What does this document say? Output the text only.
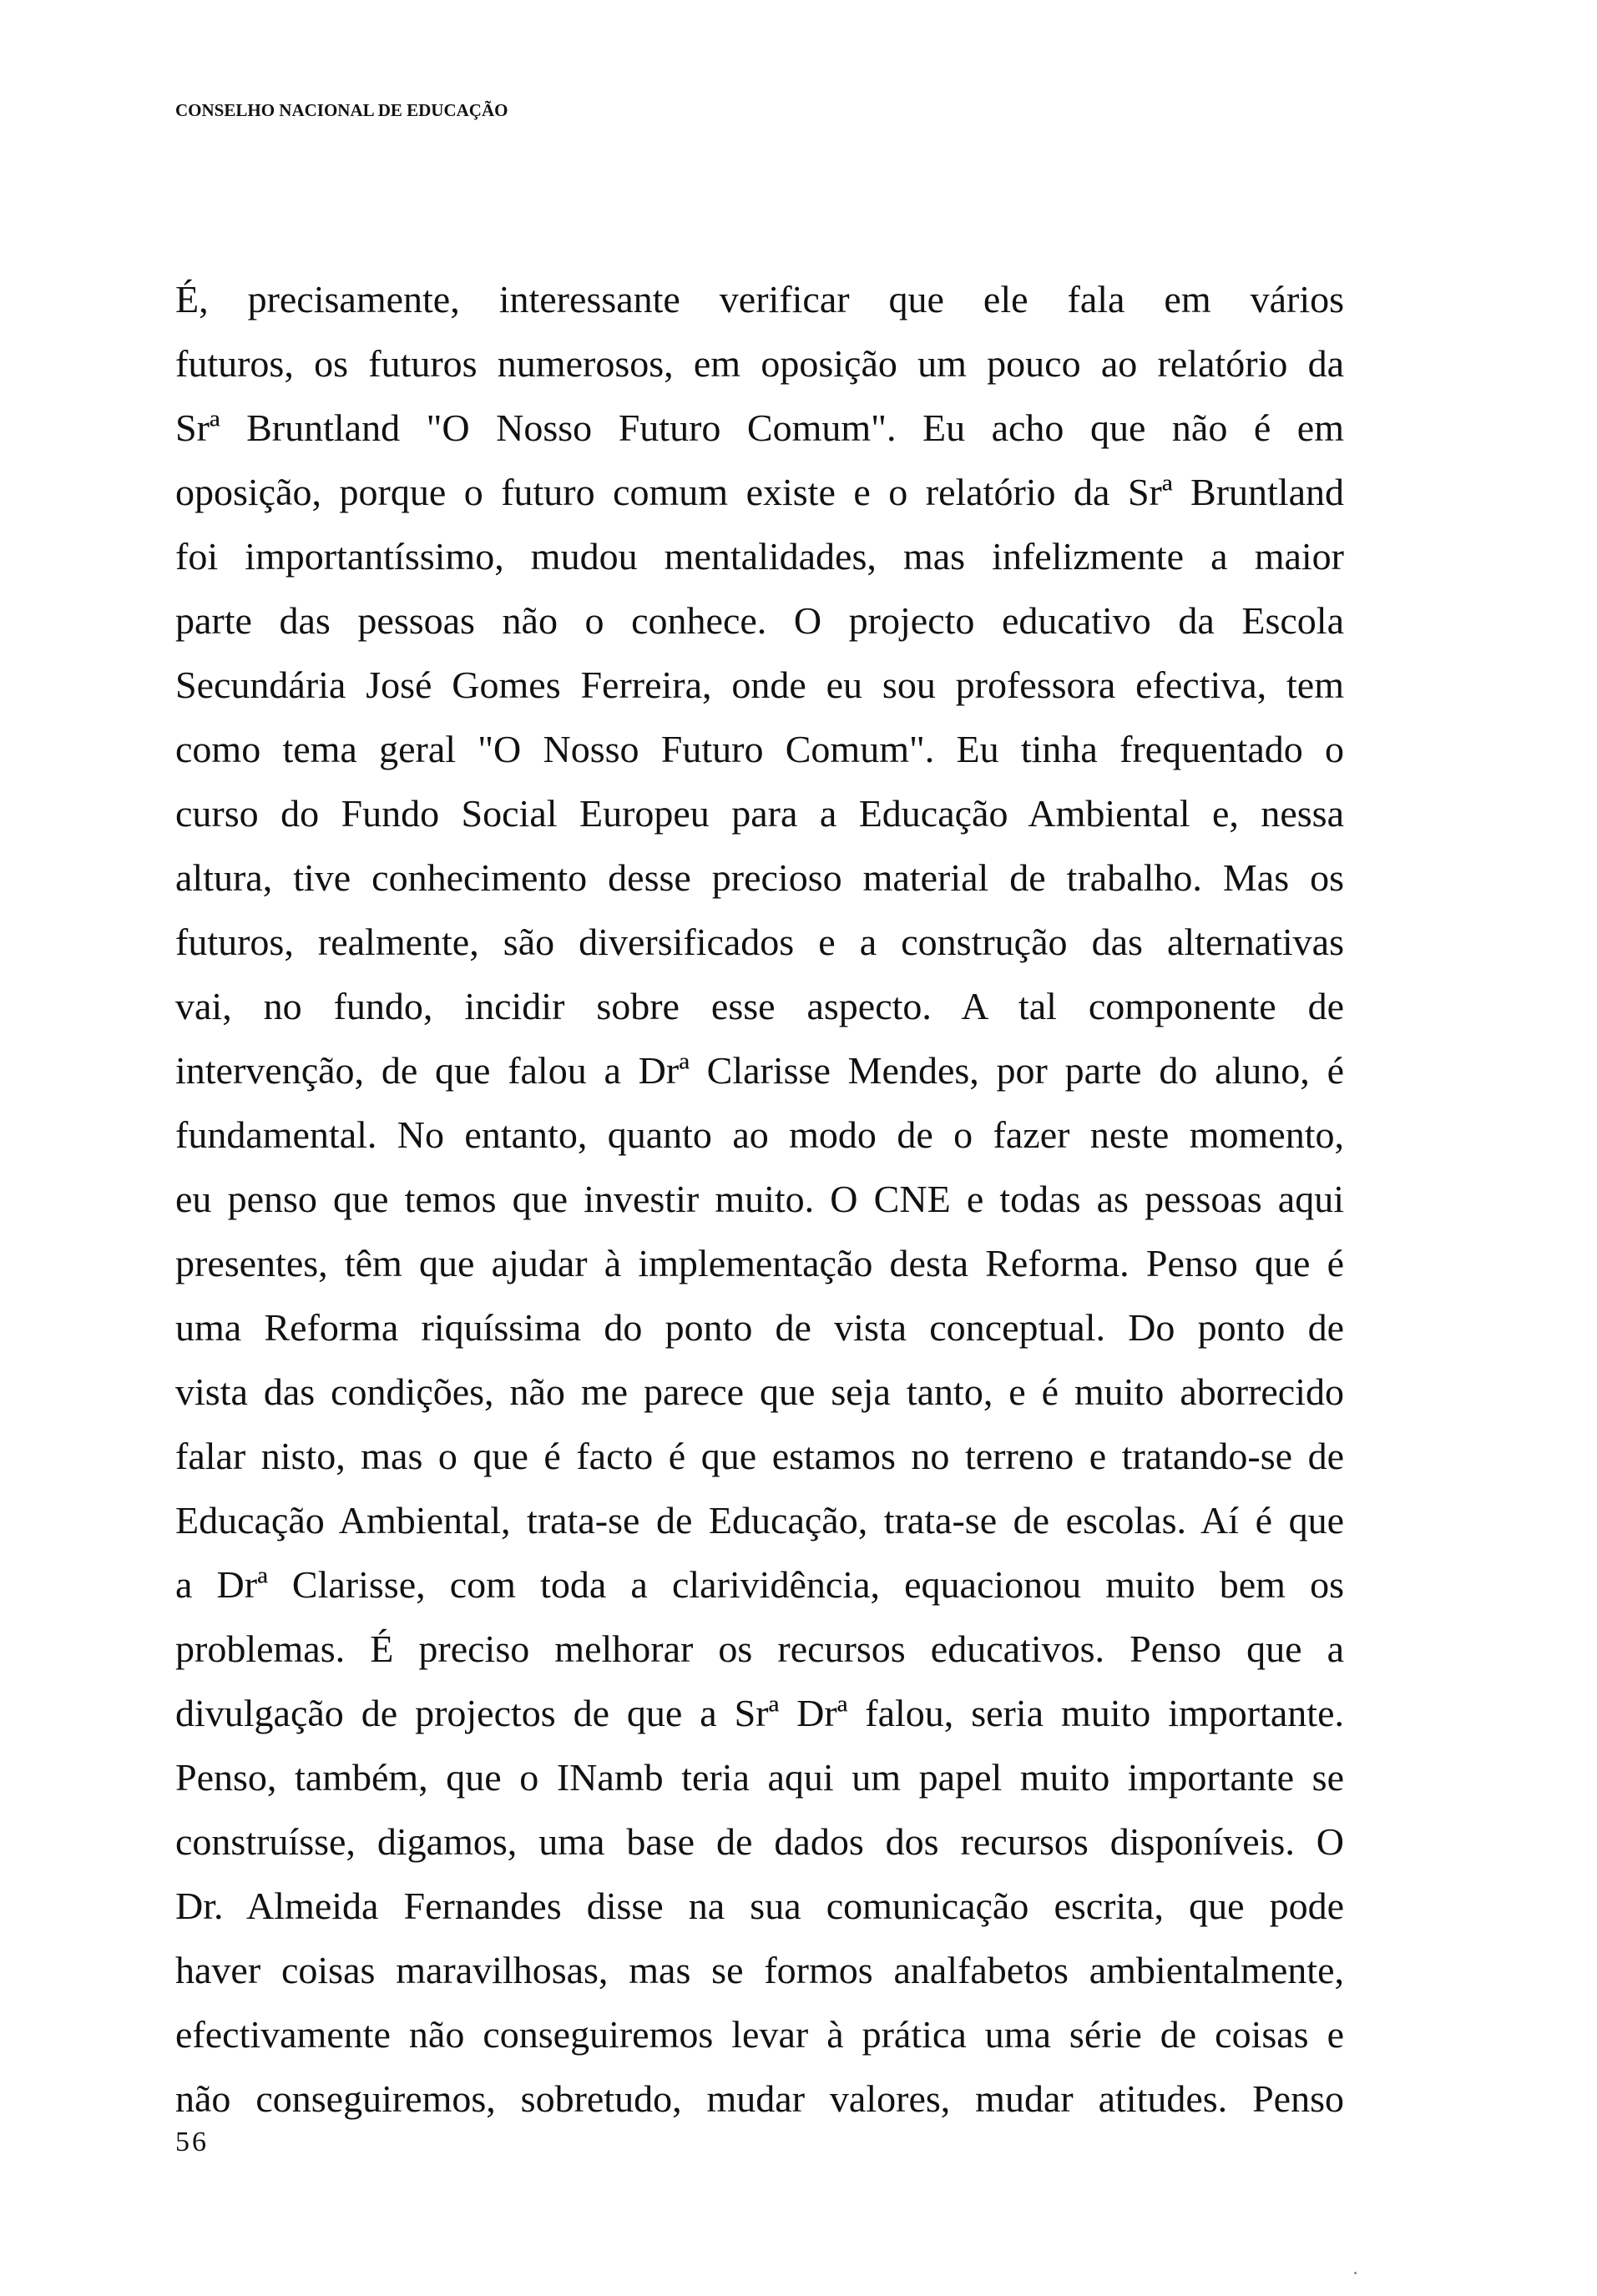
CONSELHO NACIONAL DE EDUCAÇÃO
É, precisamente, interessante verificar que ele fala em vários
futuros, os futuros numerosos, em oposição um pouco ao relatório da
Srª Bruntland "O Nosso Futuro Comum". Eu acho que não é em
oposição, porque o futuro comum existe e o relatório da Srª Bruntland
foi importantíssimo, mudou mentalidades, mas infelizmente a maior
parte das pessoas não o conhece. O projecto educativo da Escola
Secundária José Gomes Ferreira, onde eu sou professora efectiva, tem
como tema geral "O Nosso Futuro Comum". Eu tinha frequentado o
curso do Fundo Social Europeu para a Educação Ambiental e, nessa
altura, tive conhecimento desse precioso material de trabalho. Mas os
futuros, realmente, são diversificados e a construção das alternativas
vai, no fundo, incidir sobre esse aspecto. A tal componente de
intervenção, de que falou a Drª Clarisse Mendes, por parte do aluno, é
fundamental. No entanto, quanto ao modo de o fazer neste momento,
eu penso que temos que investir muito. O CNE e todas as pessoas aqui
presentes, têm que ajudar à implementação desta Reforma. Penso que é
uma Reforma riquíssima do ponto de vista conceptual. Do ponto de
vista das condições, não me parece que seja tanto, e é muito aborrecido
falar nisto, mas o que é facto é que estamos no terreno e tratando-se de
Educação Ambiental, trata-se de Educação, trata-se de escolas. Aí é que
a Drª Clarisse, com toda a clarividência, equacionou muito bem os
problemas. É preciso melhorar os recursos educativos. Penso que a
divulgação de projectos de que a Srª Drª falou, seria muito importante.
Penso, também, que o INamb teria aqui um papel muito importante se
construísse, digamos, uma base de dados dos recursos disponíveis. O
Dr. Almeida Fernandes disse na sua comunicação escrita, que pode
haver coisas maravilhosas, mas se formos analfabetos ambientalmente,
efectivamente não conseguiremos levar à prática uma série de coisas e
não conseguiremos, sobretudo, mudar valores, mudar atitudes. Penso
56
